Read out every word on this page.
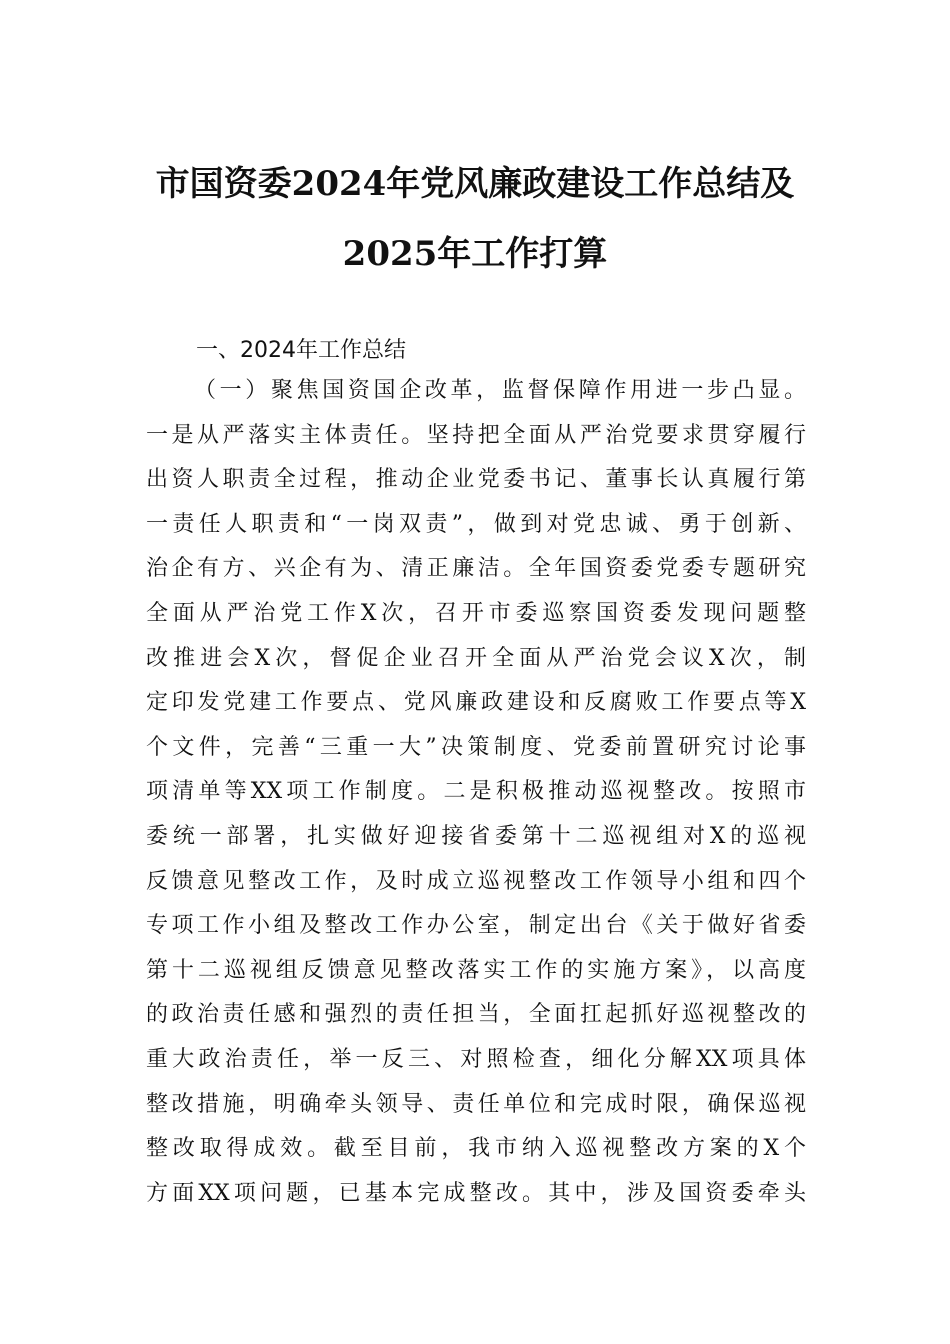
市国资委2024年党风廉政建设工作总结及
2025年工作打算
一、2024年工作总结
（一）聚焦国资国企改革，监督保障作用进一步凸显。
一是从严落实主体责任。坚持把全面从严治党要求贯穿履行
出资人职责全过程，推动企业党委书记、董事长认真履行第
一责任人职责和“一岗双责”，做到对党忠诚、勇于创新、
治企有方、兴企有为、清正廉洁。全年国资委党委专题研究
全面从严治党工作X次，召开市委巡察国资委发现问题整
改推进会X次，督促企业召开全面从严治党会议X次，制
定印发党建工作要点、党风廉政建设和反腐败工作要点等X
个文件，完善“三重一大”决策制度、党委前置研究讨论事
项清单等XX项工作制度。二是积极推动巡视整改。按照市
委统一部署，扎实做好迎接省委第十二巡视组对X的巡视
反馈意见整改工作，及时成立巡视整改工作领导小组和四个
专项工作小组及整改工作办公室，制定出台《关于做好省委
第十二巡视组反馈意见整改落实工作的实施方案》，以高度
的政治责任感和强烈的责任担当，全面扛起抓好巡视整改的
重大政治责任，举一反三、对照检查，细化分解XX项具体
整改措施，明确牵头领导、责任单位和完成时限，确保巡视
整改取得成效。截至目前，我市纳入巡视整改方案的X个
方面XX项问题，已基本完成整改。其中，涉及国资委牵头
